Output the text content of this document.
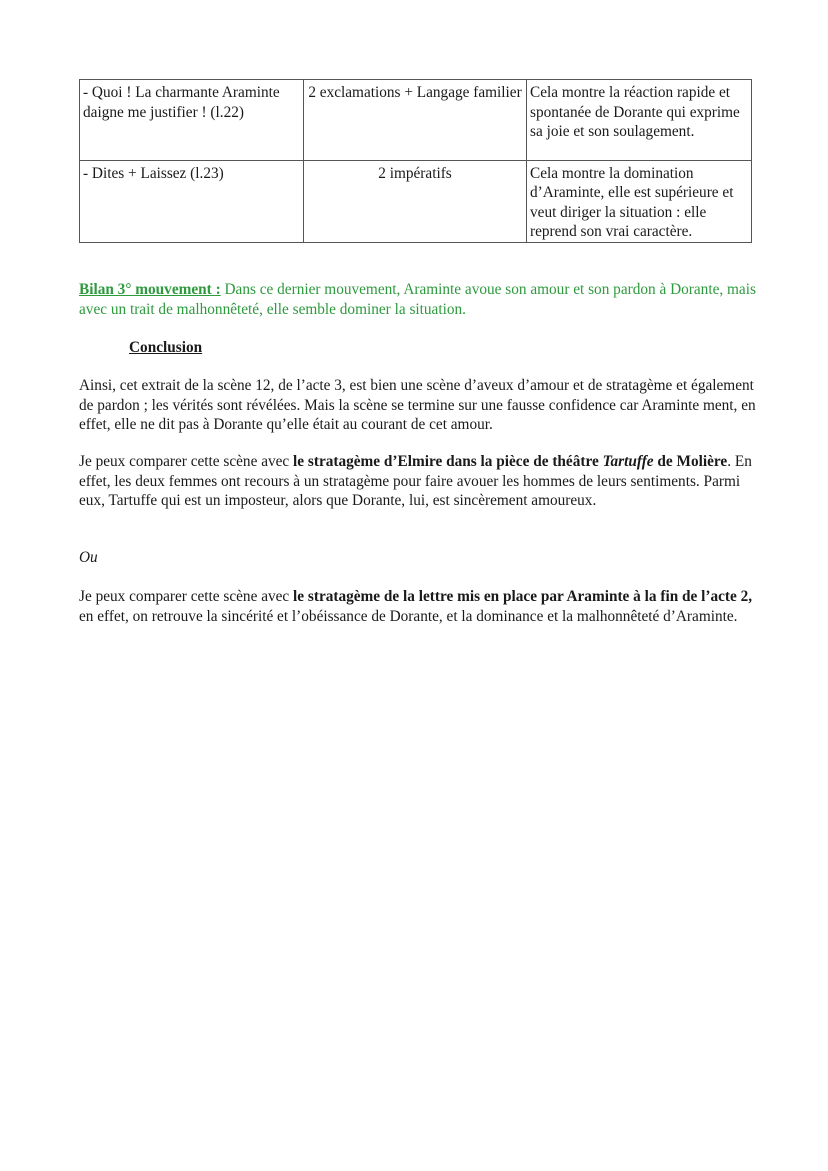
- Quoi ! La charmante Araminte daigne me justifier ! (l.22)	2 exclamations + Langage familier	Cela montre la réaction rapide et spontanée de Dorante qui exprime sa joie et son soulagement.

- Dites + Laissez (l.23)	2 impératifs	Cela montre la domination d’Araminte, elle est supérieure et veut diriger la situation : elle reprend son vrai caractère.

Bilan 3° mouvement : Dans ce dernier mouvement, Araminte avoue son amour et son pardon à Dorante, mais avec un trait de malhonnêteté, elle semble dominer la situation.

Conclusion

Ainsi, cet extrait de la scène 12, de l’acte 3, est bien une scène d’aveux d’amour et de stratagème et également de pardon ; les vérités sont révélées. Mais la scène se termine sur une fausse confidence car Araminte ment, en effet, elle ne dit pas à Dorante qu’elle était au courant de cet amour.

Je peux comparer cette scène avec le stratagème d’Elmire dans la pièce de théâtre Tartuffe de Molière. En effet, les deux femmes ont recours à un stratagème pour faire avouer les hommes de leurs sentiments. Parmi eux, Tartuffe qui est un imposteur, alors que Dorante, lui, est sincèrement amoureux.

Ou

Je peux comparer cette scène avec le stratagème de la lettre mis en place par Araminte à la fin de l’acte 2, en effet, on retrouve la sincérité et l’obéissance de Dorante, et la dominance et la malhonnêteté d’Araminte.
